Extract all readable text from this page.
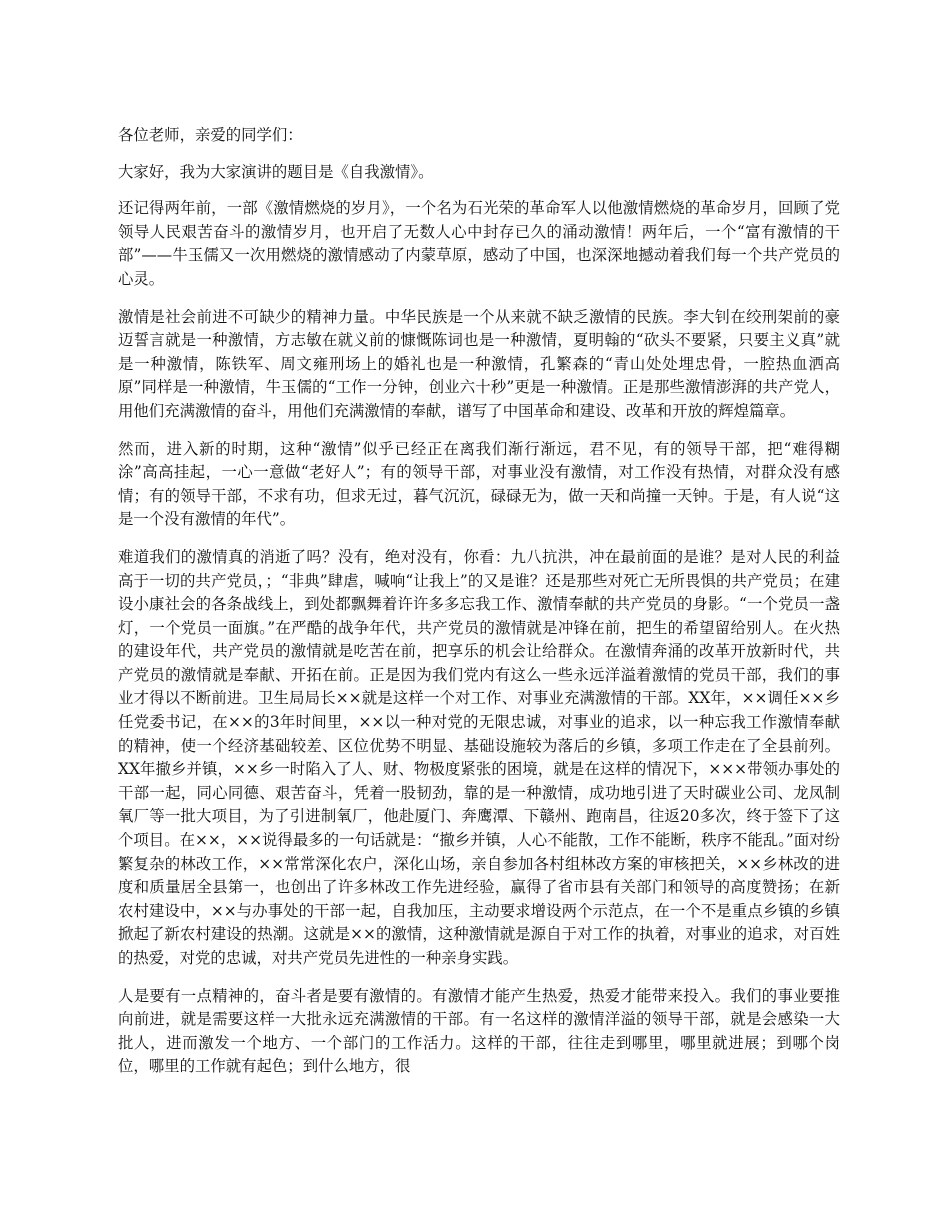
各位老师，亲爱的同学们：

大家好，我为大家演讲的题目是《自我激情》。

还记得两年前，一部《激情燃烧的岁月》，一个名为石光荣的革命军人以他激情燃烧的革命岁月，回顾了党领导人民艰苦奋斗的激情岁月，也开启了无数人心中封存已久的涌动激情！两年后，一个“富有激情的干部”——牛玉儒又一次用燃烧的激情感动了内蒙草原，感动了中国，也深深地撼动着我们每一个共产党员的心灵。

激情是社会前进不可缺少的精神力量。中华民族是一个从来就不缺乏激情的民族。李大钊在绞刑架前的豪迈誓言就是一种激情，方志敏在就义前的慷慨陈词也是一种激情，夏明翰的“砍头不要紧，只要主义真”就是一种激情，陈铁军、周文雍刑场上的婚礼也是一种激情，孔繁森的“青山处处埋忠骨，一腔热血洒高原”同样是一种激情，牛玉儒的“工作一分钟，创业六十秒”更是一种激情。正是那些激情澎湃的共产党人，用他们充满激情的奋斗，用他们充满激情的奉献，谱写了中国革命和建设、改革和开放的辉煌篇章。

然而，进入新的时期，这种“激情”似乎已经正在离我们渐行渐远，君不见，有的领导干部，把“难得糊涂”高高挂起，一心一意做“老好人”；有的领导干部，对事业没有激情，对工作没有热情，对群众没有感情；有的领导干部，不求有功，但求无过，暮气沉沉，碌碌无为，做一天和尚撞一天钟。于是，有人说“这是一个没有激情的年代”。

难道我们的激情真的消逝了吗？没有，绝对没有，你看：九八抗洪，冲在最前面的是谁？是对人民的利益高于一切的共产党员，；“非典”肆虐，喊响“让我上”的又是谁？还是那些对死亡无所畏惧的共产党员；在建设小康社会的各条战线上，到处都飘舞着许许多多忘我工作、激情奉献的共产党员的身影。“一个党员一盏灯，一个党员一面旗。”在严酷的战争年代，共产党员的激情就是冲锋在前，把生的希望留给别人。在火热的建设年代，共产党员的激情就是吃苦在前，把享乐的机会让给群众。在激情奔涌的改革开放新时代，共产党员的激情就是奉献、开拓在前。正是因为我们党内有这么一些永远洋溢着激情的党员干部，我们的事业才得以不断前进。卫生局局长××就是这样一个对工作、对事业充满激情的干部。XX年，××调任××乡任党委书记，在××的3年时间里，××以一种对党的无限忠诚，对事业的追求，以一种忘我工作激情奉献的精神，使一个经济基础较差、区位优势不明显、基础设施较为落后的乡镇，多项工作走在了全县前列。XX年撤乡并镇，××乡一时陷入了人、财、物极度紧张的困境，就是在这样的情况下，×××带领办事处的干部一起，同心同德、艰苦奋斗，凭着一股韧劲，靠的是一种激情，成功地引进了天时碳业公司、龙凤制氧厂等一批大项目，为了引进制氧厂，他赴厦门、奔鹰潭、下赣州、跑南昌，往返20多次，终于签下了这个项目。在××，××说得最多的一句话就是：“撤乡并镇，人心不能散，工作不能断，秩序不能乱。”面对纷繁复杂的林改工作，××常常深化农户，深化山场，亲自参加各村组林改方案的审核把关，××乡林改的进度和质量居全县第一，也创出了许多林改工作先进经验，赢得了省市县有关部门和领导的高度赞扬；在新农村建设中，××与办事处的干部一起，自我加压，主动要求增设两个示范点，在一个不是重点乡镇的乡镇掀起了新农村建设的热潮。这就是××的激情，这种激情就是源自于对工作的执着，对事业的追求，对百姓的热爱，对党的忠诚，对共产党员先进性的一种亲身实践。

人是要有一点精神的，奋斗者是要有激情的。有激情才能产生热爱，热爱才能带来投入。我们的事业要推向前进，就是需要这样一大批永远充满激情的干部。有一名这样的激情洋溢的领导干部，就是会感染一大批人，进而激发一个地方、一个部门的工作活力。这样的干部，往往走到哪里，哪里就进展；到哪个岗位，哪里的工作就有起色；到什么地方，很
